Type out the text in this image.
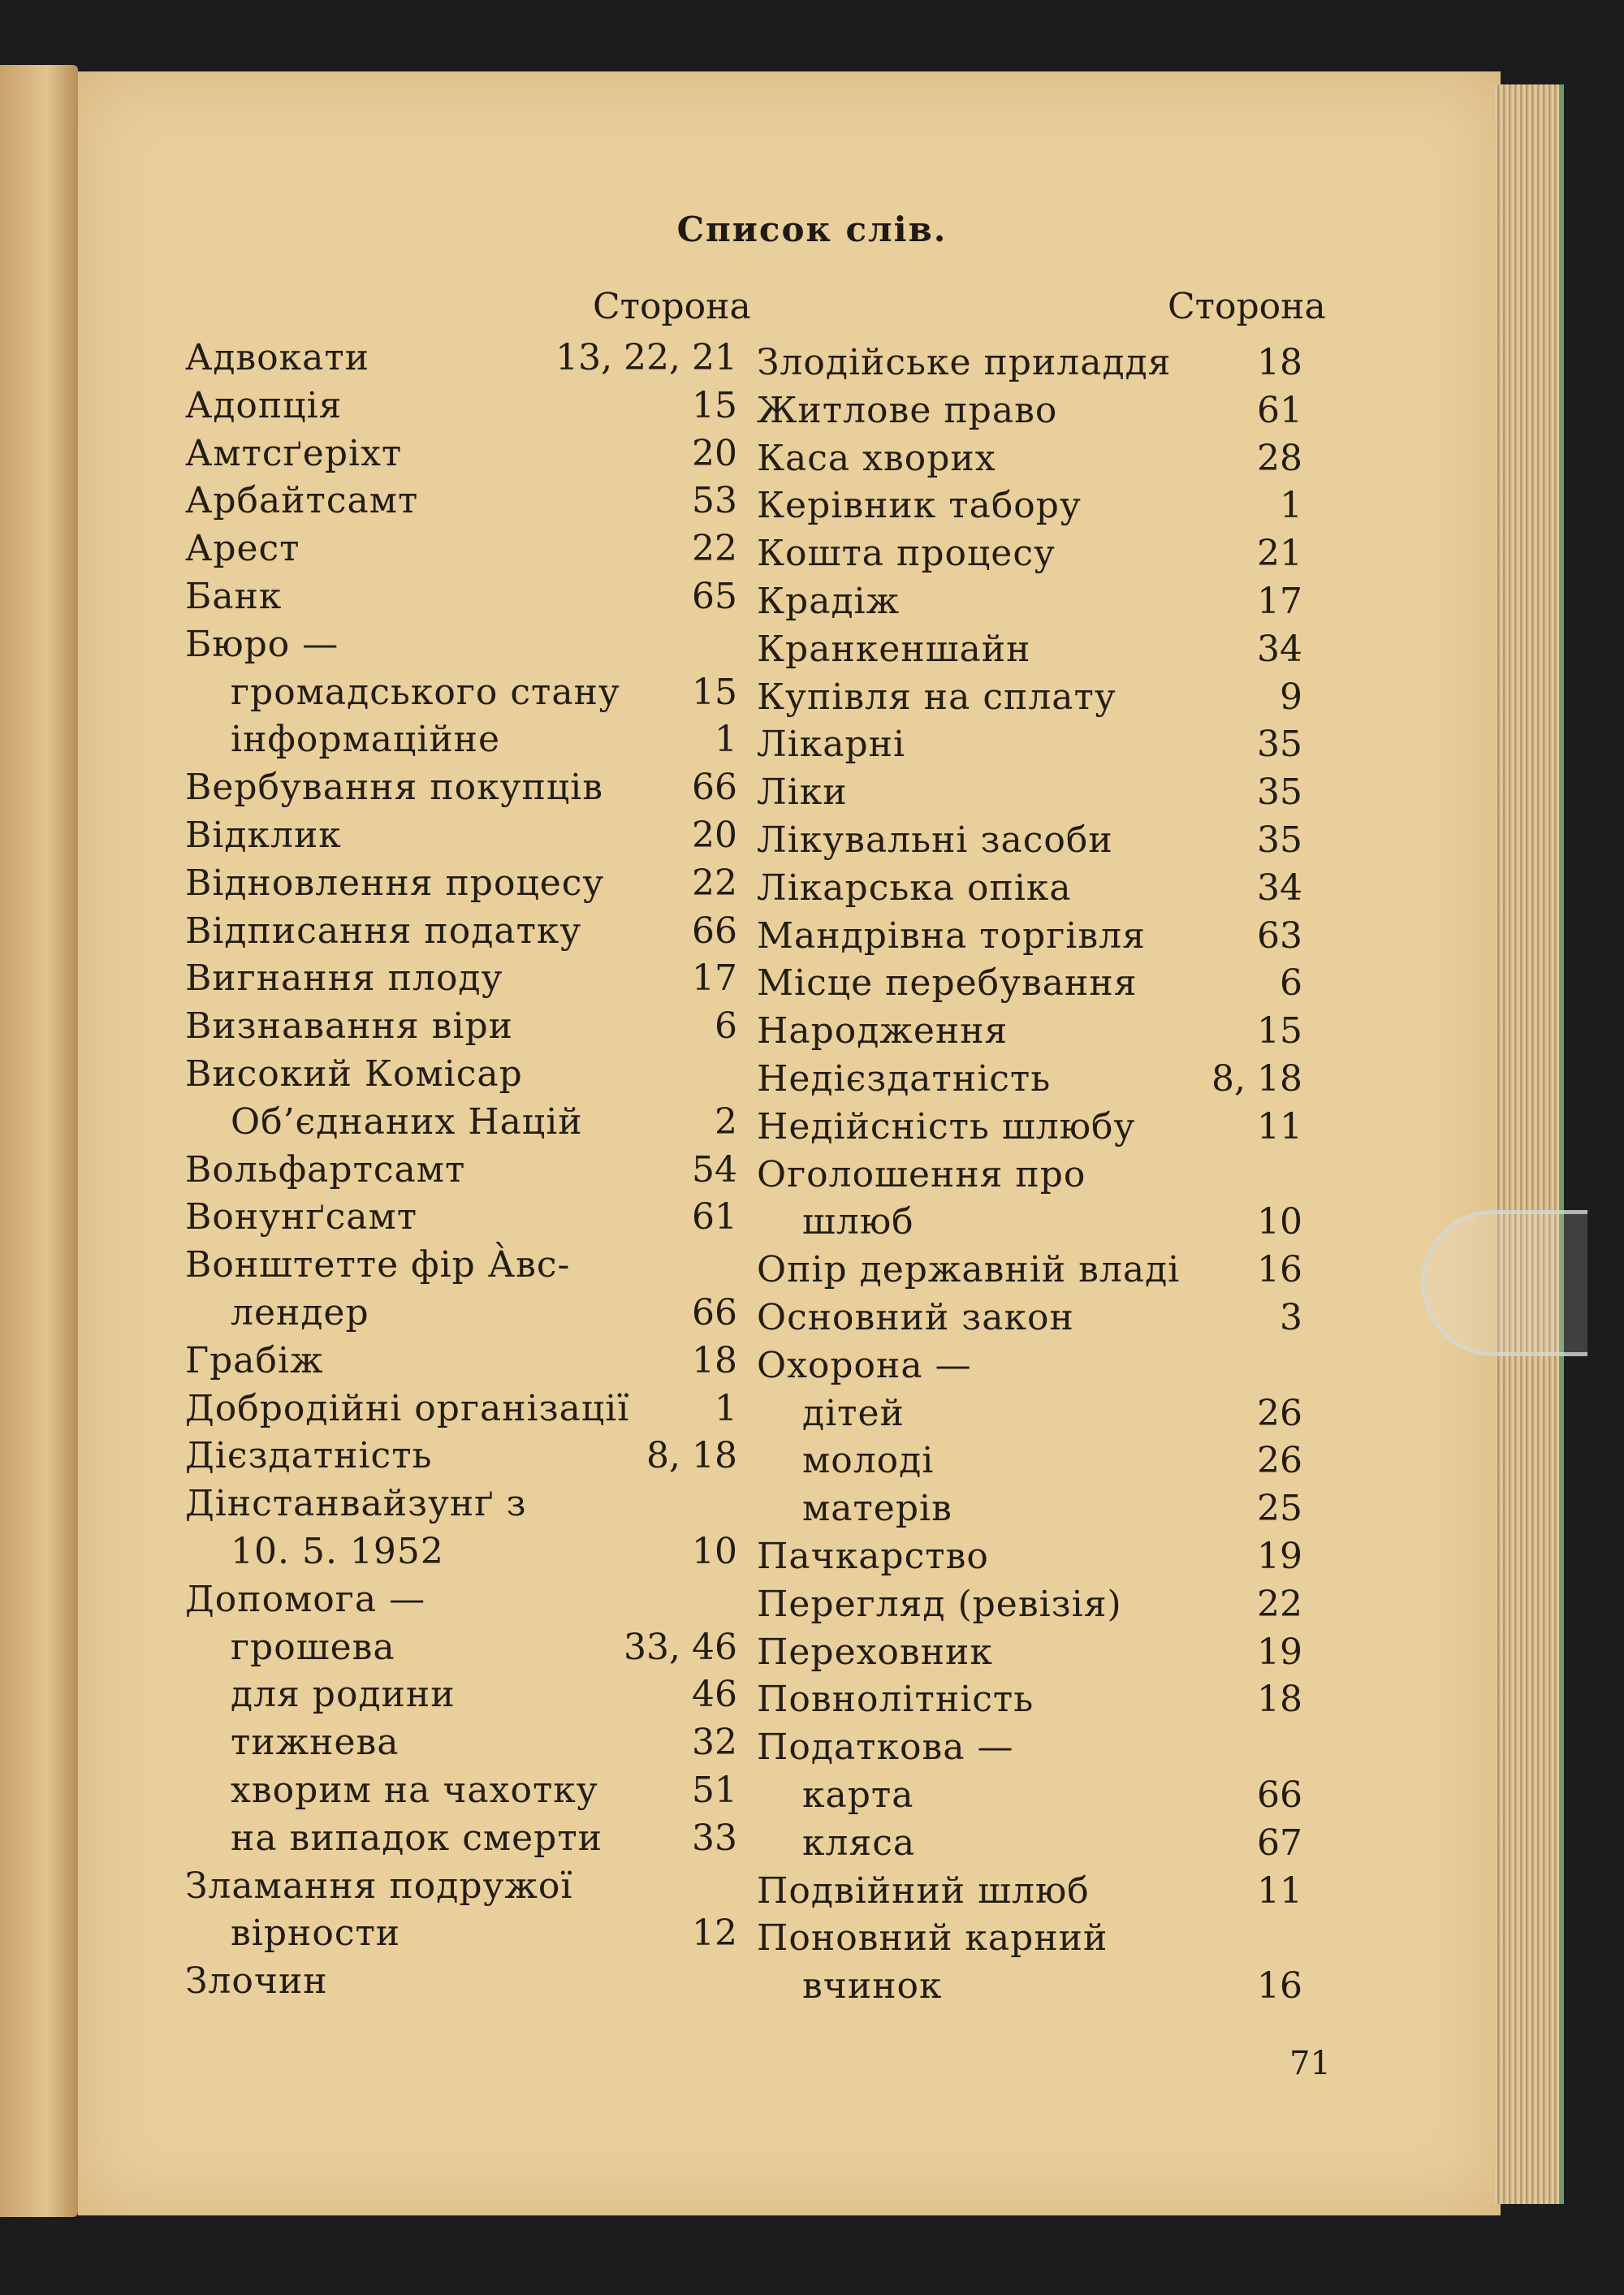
Список слів.
Сторона	Сторона
Адвокати	13, 22, 21
Адопція	15
Амтсґеріхт	20
Арбайтсамт	53
Арест	22
Банк	65
Бюро —
громадського стану 15
інформаційне	1
Вербування покупців 66
Відклик	20
Відновлення процесу 22
Відписання податку	66
Вигнання плоду	17
Визнавання віри	6
Високий Комісар
Об’єднаних Націй	2
Вольфартсамт	54
Вонунґсамт	61
Вонштетте фір А̀вс-
лендер	66
Грабіж	18
Добродійні організації 1
Дієздатність	8, 18
Дінстанвайзунґ з
10. 5. 1952	10
Допомога —
грошева	33, 46
для родини	46
тижнева	32
хворим на чахотку	51
на випадок смерти 33
Зламання подружої
вірности	12
Злочин
Злодійське приладдя 18
Житлове право	61
Каса хворих	28
Керівник табору	1
Кошта процесу	21
Крадіж	17
Кранкеншайн	34
Купівля на сплату	9
Лікарні	35
Ліки	35
Лікувальні засоби	35
Лікарська опіка	34
Мандрівна торгівля	63
Місце перебування	6
Народження	15
Недієздатність	8, 18
Недійсність шлюбу	11
Оголошення про
шлюб	10
Опір державній владі 16
Основний закон	3
Охорона —
дітей	26
молоді	26
матерів	25
Пачкарство	19
Перегляд (ревізія)	22
Переховник	19
Повнолітність	18
Податкова —
карта	66
кляса	67
Подвійний шлюб	11
Поновний карний
вчинок	16
71
